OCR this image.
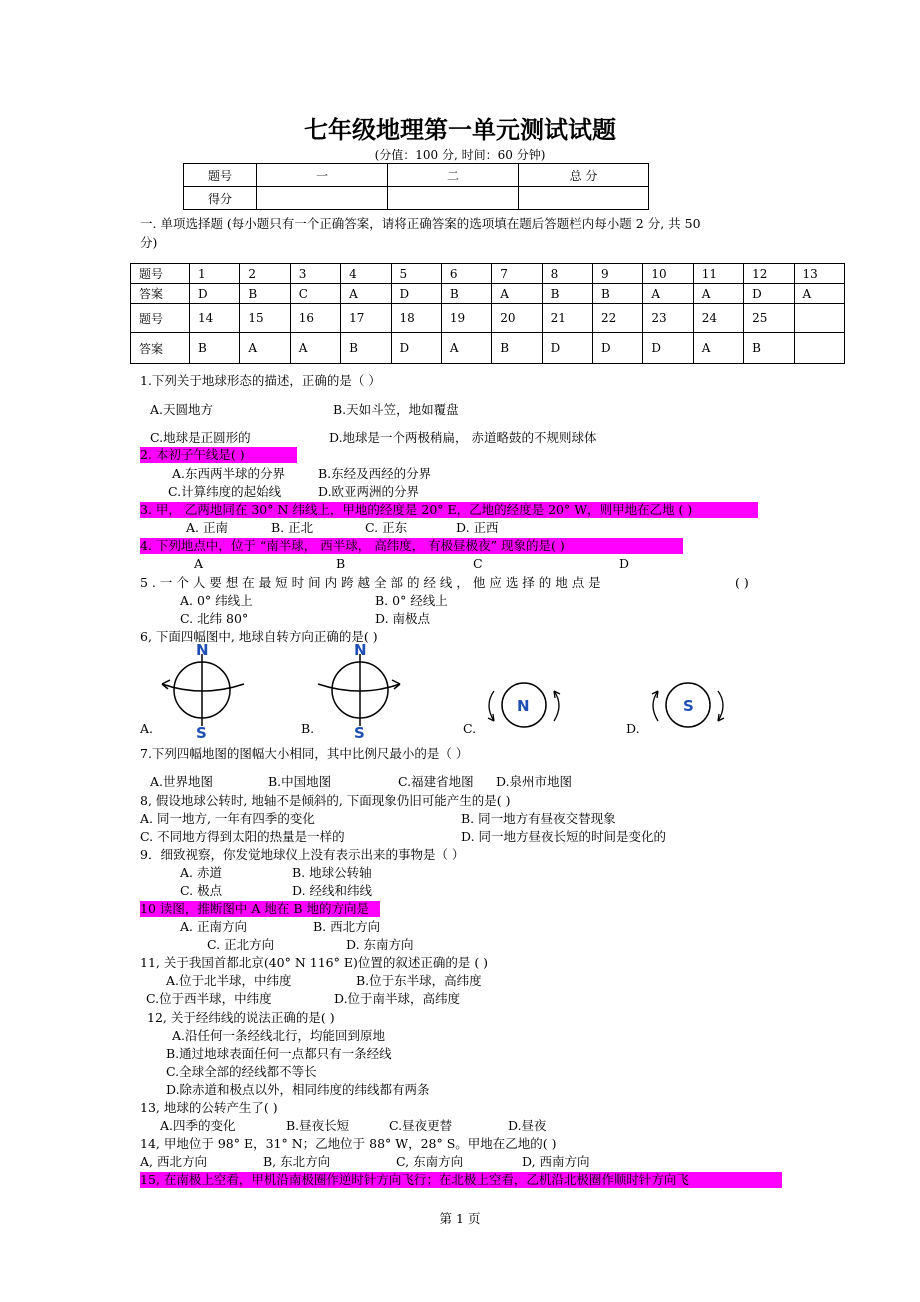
七年级地理第一单元测试试题
(分值：100 分, 时间：60 分钟)
题号	一	二	总 分
得分			
一. 单项选择题 (每小题只有一个正确答案，请将正确答案的选项填在题后答题栏内每小题 2 分, 共 50
分)
题号	1	2	3	4	5	6	7	8	9	10	11	12	13
答案	D	B	C	A	D	B	A	B	B	A	A	D	A
题号	14	15	16	17	18	19	20	21	22	23	24	25	
答案	B	A	A	B	D	A	B	D	D	D	A	B	
1.下列关于地球形态的描述，正确的是（ ）
A.天圆地方	B.天如斗笠，地如覆盘
C.地球是正圆形的	D.地球是一个两极稍扁， 赤道略鼓的不规则球体
2. 本初子午线是( )
A.东西两半球的分界	B.东经及西经的分界
C.计算纬度的起始线	D.欧亚两洲的分界
3. 甲， 乙两地同在 30° N 纬线上，甲地的经度是 20° E，乙地的经度是 20° W，则甲地在乙地 ( )
A. 正南	B. 正北	C. 正东	D. 正西
4. 下列地点中，位于 “南半球， 西半球， 高纬度， 有极昼极夜” 现象的是( )
A	B	C	D
5 . 一 个 人 要 想 在 最 短 时 间 内 跨 越 全 部 的 经 线 ， 他 应 选 择 的 地 点 是	( )
A. 0° 纬线上	B. 0° 经线上
C. 北纬 80°	D. 南极点
6, 下面四幅图中, 地球自转方向正确的是( )
N
S
N
S
N	S
A.	B.	C.	D.
7.下列四幅地图的图幅大小相同，其中比例尺最小的是（ ）
A.世界地图	B.中国地图	C.福建省地图 D.泉州市地图
8, 假设地球公转时, 地轴不是倾斜的, 下面现象仍旧可能产生的是( )
A. 同一地方, 一年有四季的变化	B. 同一地方有昼夜交替现象
C. 不同地方得到太阳的热量是一样的	D. 同一地方昼夜长短的时间是变化的
9．细致视察，你发觉地球仪上没有表示出来的事物是（ ）
A. 赤道	B. 地球公转轴
C. 极点	D. 经线和纬线
10 读图，推断图中 A 地在 B 地的方向是
A. 正南方向	B. 西北方向
C. 正北方向	D. 东南方向
11, 关于我国首都北京(40° N 116° E)位置的叙述正确的是 ( )
A.位于北半球，中纬度	B.位于东半球，高纬度
C.位于西半球，中纬度	D.位于南半球，高纬度
12, 关于经纬线的说法正确的是( )
A.沿任何一条经线北行，均能回到原地
B.通过地球表面任何一点都只有一条经线
C.全球全部的经线都不等长
D.除赤道和极点以外，相同纬度的纬线都有两条
13, 地球的公转产生了( )
A.四季的变化	B.昼夜长短	C.昼夜更替	D.昼夜
14, 甲地位于 98° E，31° N；乙地位于 88° W，28° S。甲地在乙地的( )
A, 西北方向	B, 东北方向	C, 东南方向	D, 西南方向
15, 在南极上空看，甲机沿南极圈作逆时针方向飞行；在北极上空看，乙机沿北极圈作顺时针方向飞
第 1 页
